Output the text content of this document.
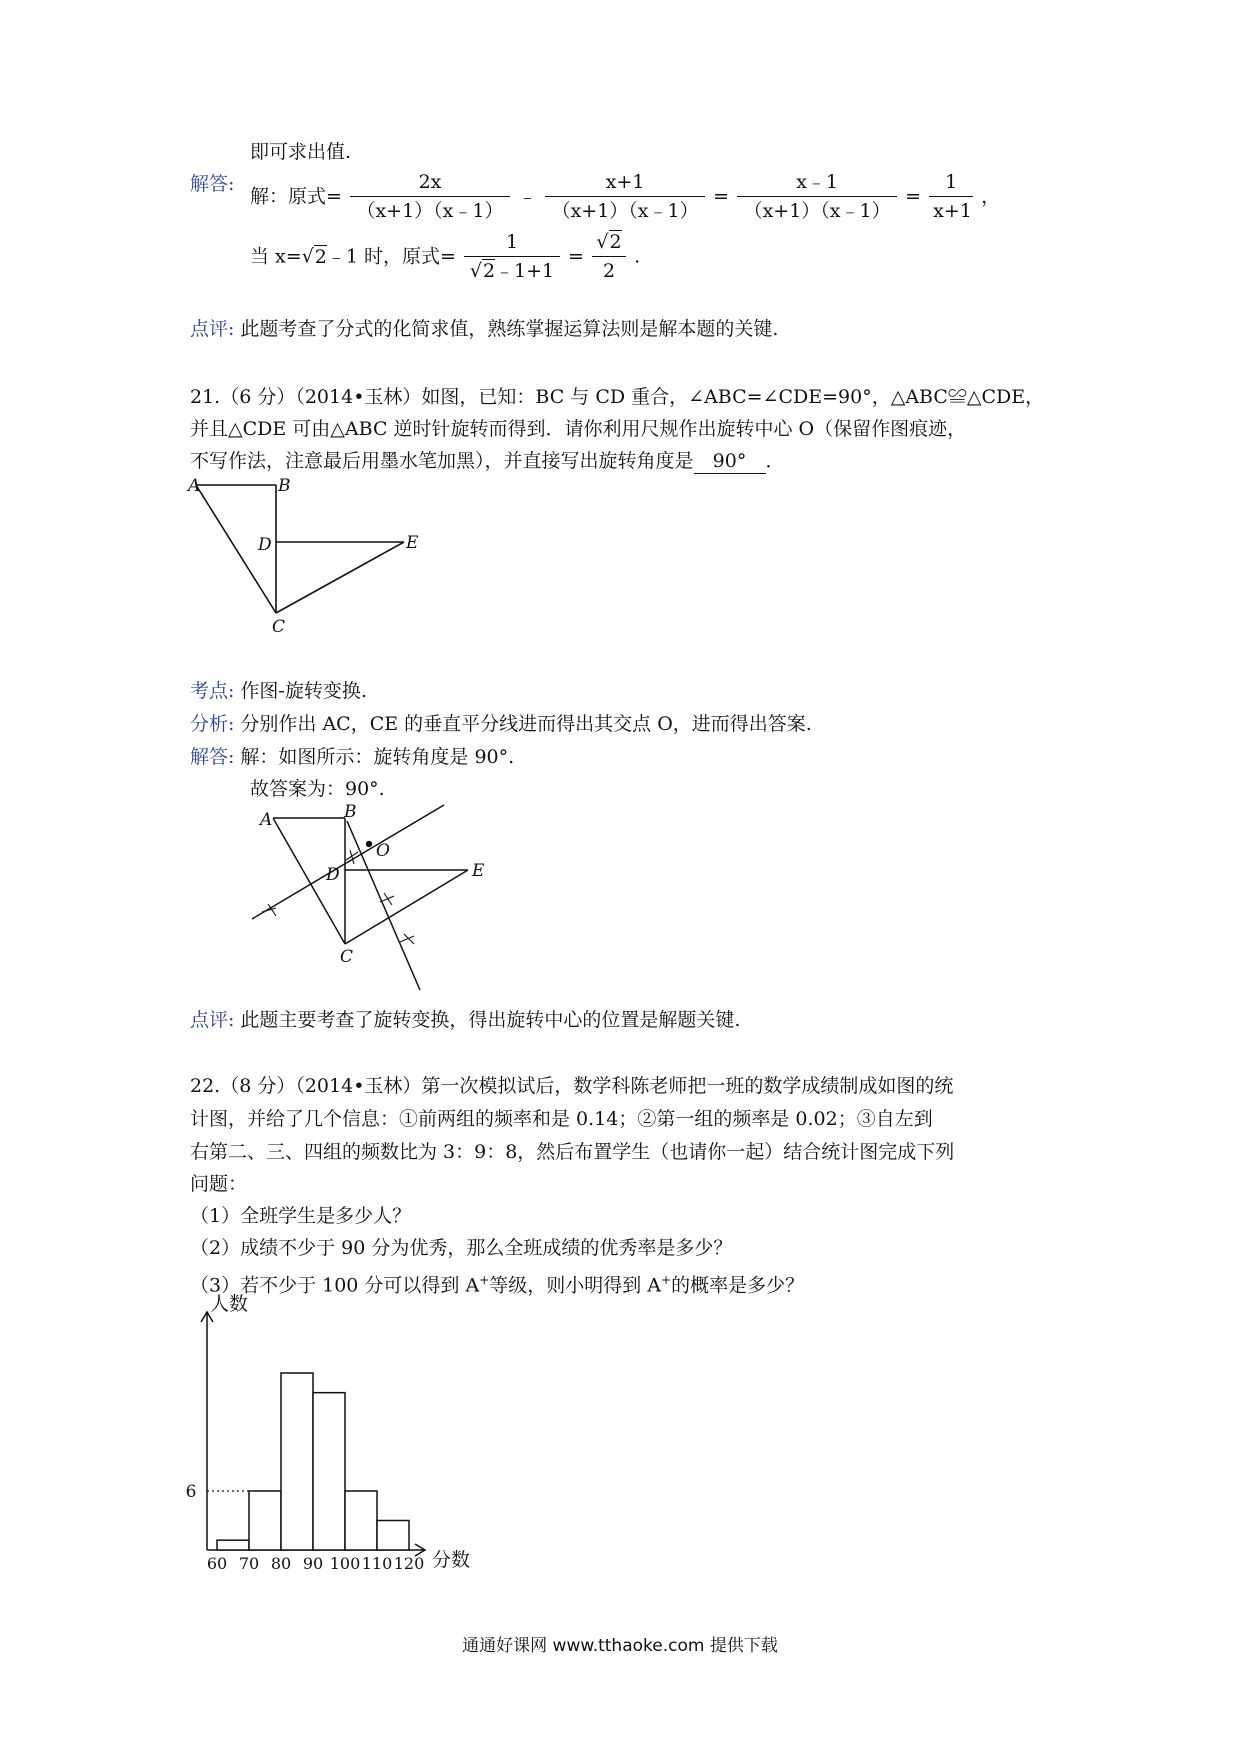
即可求出值.
解答:
解：原式= $\frac{2x}{(x+1)(x﹣1)}$ ﹣ $\frac{x+1}{(x+1)(x﹣1)} = \frac{x﹣1}{(x+1)(x﹣1)} = \frac{1}{x+1}$ ，
当 x=√2﹣1 时，原式= $\frac{1}{√2﹣1+1} = \frac{√2}{2}$ .
点评: 此题考查了分式的化简求值，熟练掌握运算法则是解本题的关键.
21.（6 分）（2014•玉林）如图，已知：BC 与 CD 重合，∠ABC=∠CDE=90°，△ABC≌△CDE，
并且△CDE 可由△ABC 逆时针旋转而得到．请你利用尺规作出旋转中心 O（保留作图痕迹，
不写作法，注意最后用墨水笔加黑），并直接写出旋转角度是 90° ．
A	B
D	E
C
考点: 作图-旋转变换.
分析: 分别作出 AC，CE 的垂直平分线进而得出其交点 O，进而得出答案.
解答: 解：如图所示：旋转角度是 90°.
故答案为：90°.
A	B
O
D	E
C
点评: 此题主要考查了旋转变换，得出旋转中心的位置是解题关键.
22.（8 分）（2014•玉林）第一次模拟试后，数学科陈老师把一班的数学成绩制成如图的统
计图，并给了几个信息：①前两组的频率和是 0.14；②第一组的频率是 0.02；③自左到
右第二、三、四组的频数比为 3：9：8，然后布置学生（也请你一起）结合统计图完成下列
问题：
（1）全班学生是多少人？
（2）成绩不少于 90 分为优秀，那么全班成绩的优秀率是多少？
（3）若不少于 100 分可以得到 A+等级，则小明得到 A+的概率是多少？
人数
分数
60 70 80 90 100 110 120
6
通通好课网 www.tthaoke.com 提供下载
